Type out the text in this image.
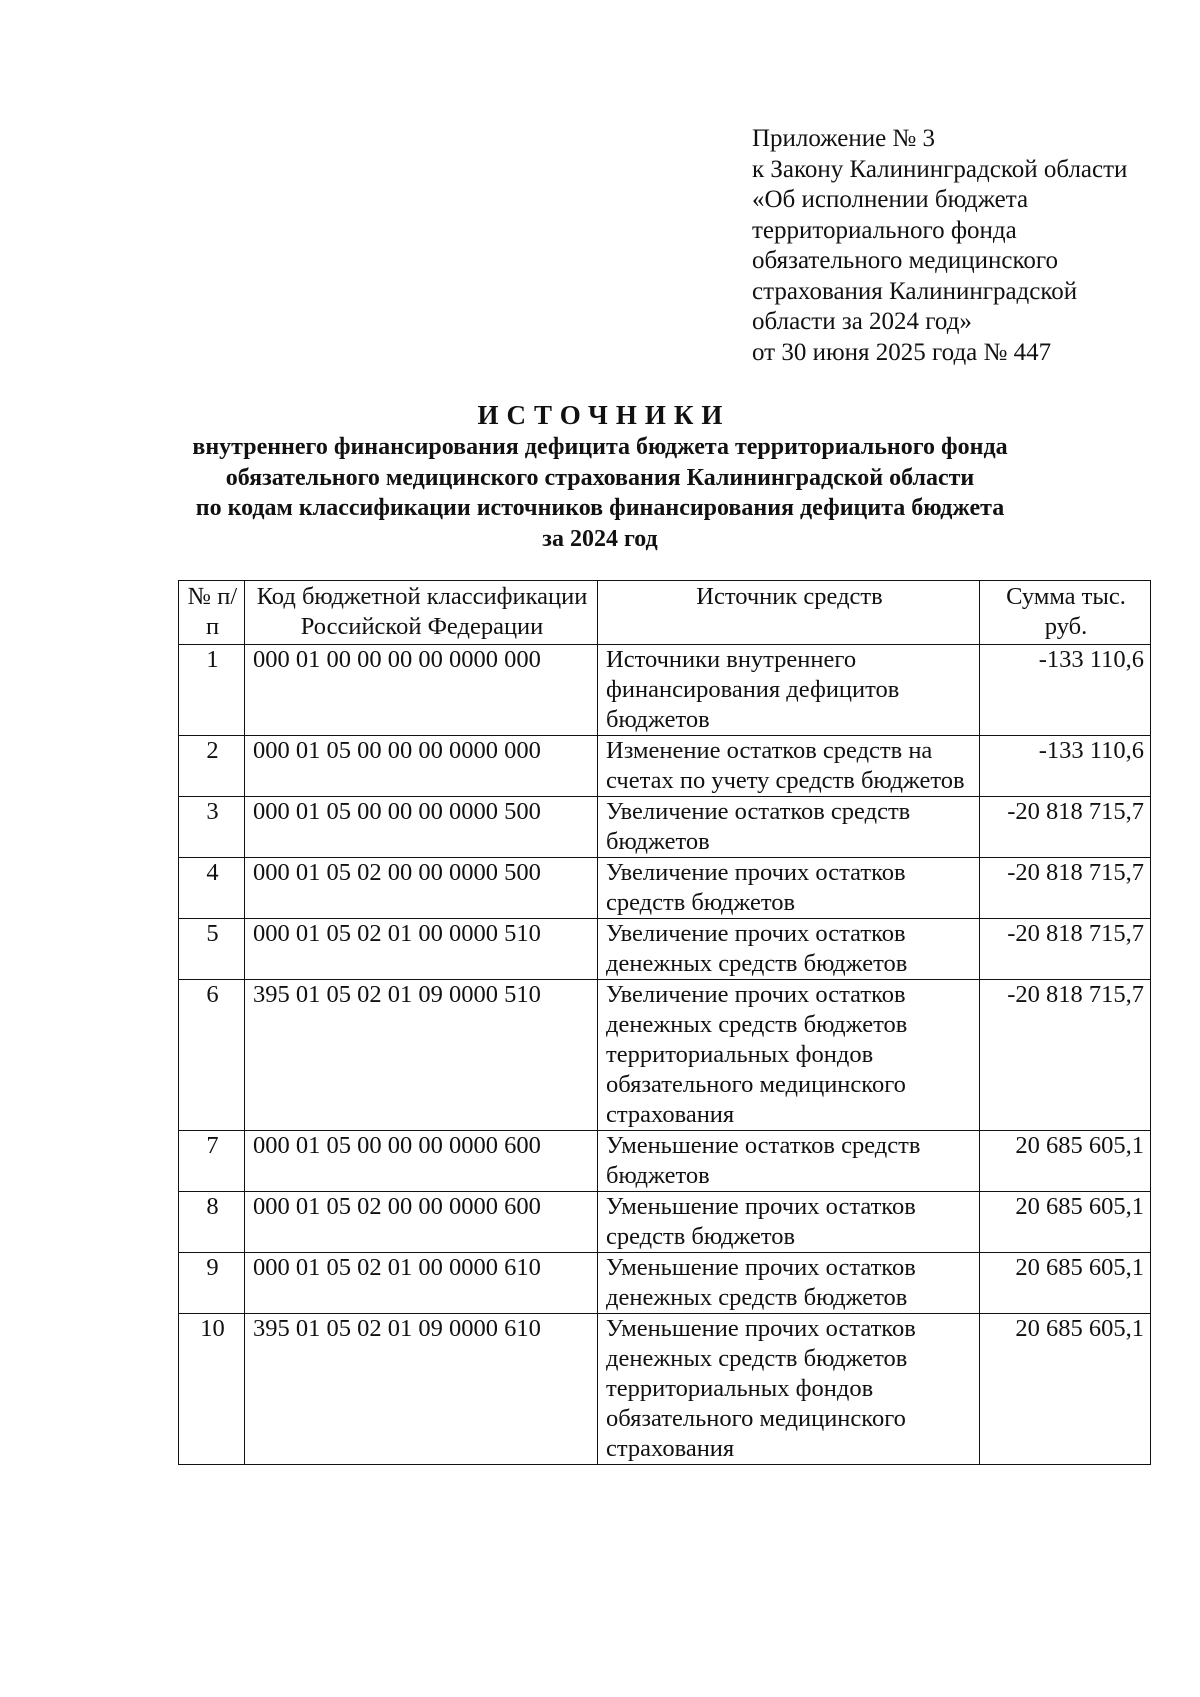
Приложение № 3
к Закону Калининградской области
«Об исполнении бюджета
территориального фонда
обязательного медицинского
страхования Калининградской
области за 2024 год»
от 30 июня 2025 года № 447
ИСТОЧНИКИ
внутреннего финансирования дефицита бюджета территориального фонда
обязательного медицинского страхования Калининградской области
по кодам классификации источников финансирования дефицита бюджета
за 2024 год
№ п/п	Код бюджетной классификации Российской Федерации	Источник средств	Сумма тыс. руб.
1	000 01 00 00 00 00 0000 000	Источники внутреннего финансирования дефицитов бюджетов	-133 110,6
2	000 01 05 00 00 00 0000 000	Изменение остатков средств на счетах по учету средств бюджетов	-133 110,6
3	000 01 05 00 00 00 0000 500	Увеличение остатков средств бюджетов	-20 818 715,7
4	000 01 05 02 00 00 0000 500	Увеличение прочих остатков средств бюджетов	-20 818 715,7
5	000 01 05 02 01 00 0000 510	Увеличение прочих остатков денежных средств бюджетов	-20 818 715,7
6	395 01 05 02 01 09 0000 510	Увеличение прочих остатков денежных средств бюджетов территориальных фондов обязательного медицинского страхования	-20 818 715,7
7	000 01 05 00 00 00 0000 600	Уменьшение остатков средств бюджетов	20 685 605,1
8	000 01 05 02 00 00 0000 600	Уменьшение прочих остатков средств бюджетов	20 685 605,1
9	000 01 05 02 01 00 0000 610	Уменьшение прочих остатков денежных средств бюджетов	20 685 605,1
10	395 01 05 02 01 09 0000 610	Уменьшение прочих остатков денежных средств бюджетов территориальных фондов обязательного медицинского страхования	20 685 605,1
